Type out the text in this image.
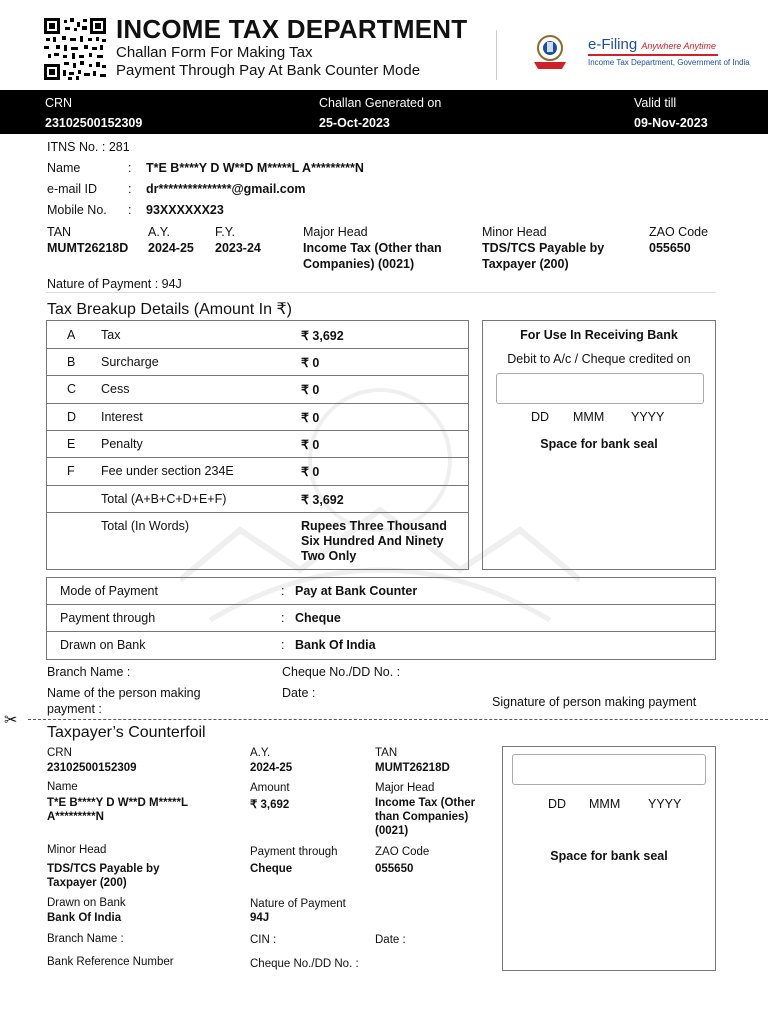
INCOME TAX DEPARTMENT
Challan Form For Making Tax
Payment Through Pay At Bank Counter Mode
e-Filing Anywhere Anytime
Income Tax Department, Government of India
CRN
23102500152309
Challan Generated on
25-Oct-2023
Valid till
09-Nov-2023
ITNS No. : 281
Name	: T*E B****Y D W**D M*****L A*********N
e-mail ID : dr***************@gmail.com
Mobile No. : 93XXXXXX23
TAN
MUMT26218D
A.Y.
2024-25
F.Y.
2023-24
Major Head
Income Tax (Other than
Companies) (0021)
Minor Head
TDS/TCS Payable by
Taxpayer (200)
ZAO Code
055650
Nature of Payment : 94J
Tax Breakup Details (Amount In ₹)
A Tax	₹ 3,692
B Surcharge	₹ 0
C Cess	₹ 0
D Interest	₹ 0
E Penalty	₹ 0
F Fee under section 234E	₹ 0
Total (A+B+C+D+E+F)	₹ 3,692
Total (In Words)	Rupees Three Thousand
Six Hundred And Ninety
Two Only
For Use In Receiving Bank
Debit to A/c / Cheque credited on
DD MMM YYYY
Space for bank seal
Mode of Payment	: Pay at Bank Counter
Payment through	: Cheque
Drawn on Bank	: Bank Of India
Branch Name :	Cheque No./DD No. :
Name of the person making
payment :
Date :
Signature of person making payment
✂
Taxpayer’s Counterfoil
CRN
23102500152309
A.Y.
2024-25
TAN
MUMT26218D
Name
T*E B****Y D W**D M*****L
A*********N
Amount
₹ 3,692
Major Head
Income Tax (Other
than Companies)
(0021)
Minor Head
TDS/TCS Payable by
Taxpayer (200)
Payment through
Cheque
ZAO Code
055650
Drawn on Bank
Bank Of India
Nature of Payment
94J
Branch Name :	CIN :	Date :
Bank Reference Number	Cheque No./DD No. :
DD MMM YYYY
Space for bank seal
